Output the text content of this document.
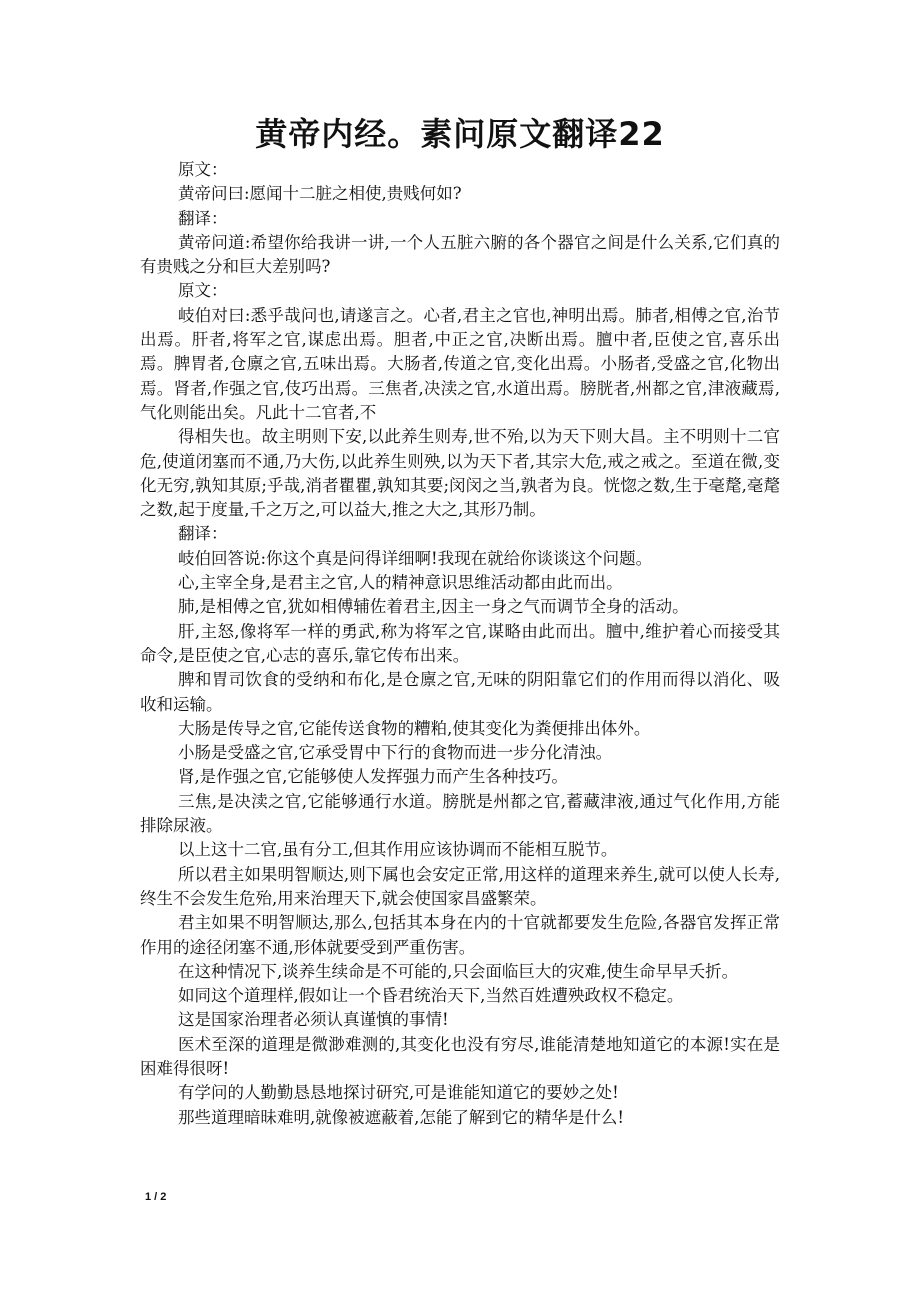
黄帝内经。素问原文翻译22

原文：

黄帝问曰:愿闻十二脏之相使,贵贱何如?

翻译：

黄帝问道:希望你给我讲一讲,一个人五脏六腑的各个器官之间是什么关系,它们真的有贵贱之分和巨大差别吗?

原文：

岐伯对曰:悉乎哉问也,请遂言之。心者,君主之官也,神明出焉。肺者,相傅之官,治节出焉。肝者,将军之官,谋虑出焉。胆者,中正之官,决断出焉。膻中者,臣使之官,喜乐出焉。脾胃者,仓廪之官,五味出焉。大肠者,传道之官,变化出焉。小肠者,受盛之官,化物出焉。肾者,作强之官,伎巧出焉。三焦者,决渎之官,水道出焉。膀胱者,州都之官,津液藏焉,气化则能出矣。凡此十二官者,不

得相失也。故主明则下安,以此养生则寿,世不殆,以为天下则大昌。主不明则十二官危,使道闭塞而不通,乃大伤,以此养生则殃,以为天下者,其宗大危,戒之戒之。至道在微,变化无穷,孰知其原;乎哉,消者瞿瞿,孰知其要;闵闵之当,孰者为良。恍惚之数,生于毫氂,毫氂之数,起于度量,千之万之,可以益大,推之大之,其形乃制。

翻译：

岐伯回答说:你这个真是问得详细啊!我现在就给你谈谈这个问题。

心,主宰全身,是君主之官,人的精神意识思维活动都由此而出。

肺,是相傅之官,犹如相傅辅佐着君主,因主一身之气而调节全身的活动。

肝,主怒,像将军一样的勇武,称为将军之官,谋略由此而出。膻中,维护着心而接受其命令,是臣使之官,心志的喜乐,靠它传布出来。

脾和胃司饮食的受纳和布化,是仓廪之官,无味的阴阳靠它们的作用而得以消化、吸收和运输。

大肠是传导之官,它能传送食物的糟粕,使其变化为粪便排出体外。

小肠是受盛之官,它承受胃中下行的食物而进一步分化清浊。

肾,是作强之官,它能够使人发挥强力而产生各种技巧。

三焦,是决渎之官,它能够通行水道。膀胱是州都之官,蓄藏津液,通过气化作用,方能排除尿液。

以上这十二官,虽有分工,但其作用应该协调而不能相互脱节。

所以君主如果明智顺达,则下属也会安定正常,用这样的道理来养生,就可以使人长寿,终生不会发生危殆,用来治理天下,就会使国家昌盛繁荣。

君主如果不明智顺达,那么,包括其本身在内的十官就都要发生危险,各器官发挥正常作用的途径闭塞不通,形体就要受到严重伤害。

在这种情况下,谈养生续命是不可能的,只会面临巨大的灾难,使生命早早夭折。

如同这个道理样,假如让一个昏君统治天下,当然百姓遭殃政权不稳定。

这是国家治理者必须认真谨慎的事情!

医术至深的道理是微渺难测的,其变化也没有穷尽,谁能清楚地知道它的本源!实在是困难得很呀!

有学问的人勤勤恳恳地探讨研究,可是谁能知道它的要妙之处!

那些道理暗昧难明,就像被遮蔽着,怎能了解到它的精华是什么!

1 / 2
